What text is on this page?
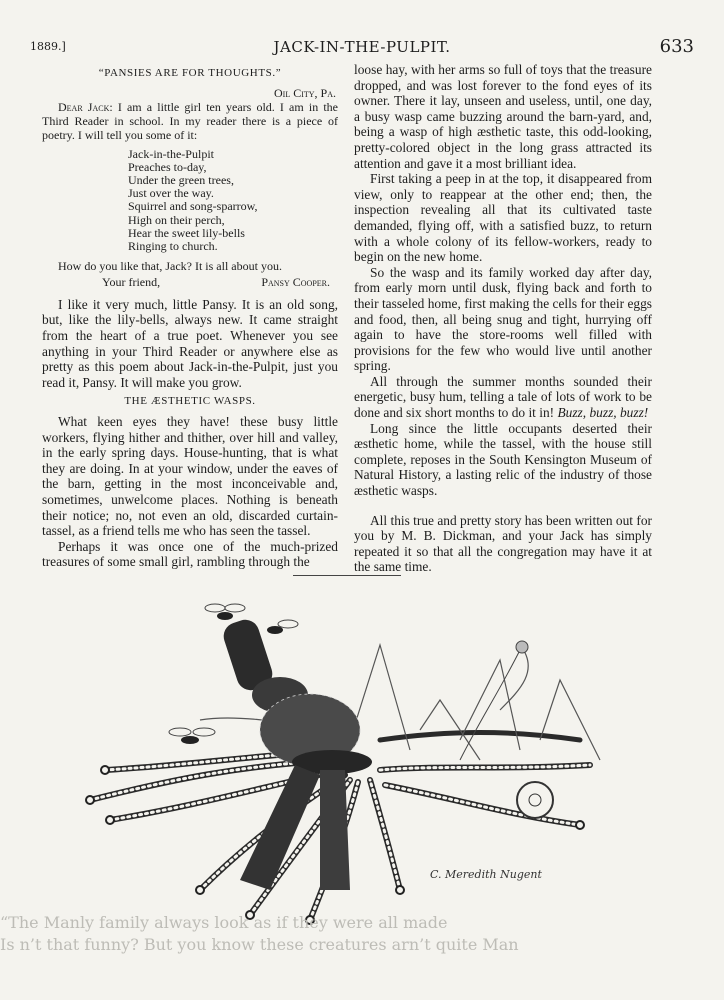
1889.]	JACK-IN-THE-PULPIT.	633
“PANSIES ARE FOR THOUGHTS.”

Oil City, Pa.

Dear Jack: I am a little girl ten years old. I am in the Third Reader in school. In my reader there is a piece of poetry. I will tell you some of it:

Jack-in-the-Pulpit
Preaches to-day,
Under the green trees,
Just over the way.
Squirrel and song-sparrow,
High on their perch,
Hear the sweet lily-bells
Ringing to church.

How do you like that, Jack? It is all about you.

Your friend,	Pansy Cooper.

I like it very much, little Pansy. It is an old song, but, like the lily-bells, always new. It came straight from the heart of a true poet. Whenever you see anything in your Third Reader or anywhere else as pretty as this poem about Jack-in-the-Pulpit, just you read it, Pansy. It will make you grow.

THE ÆSTHETIC WASPS.

What keen eyes they have! these busy little workers, flying hither and thither, over hill and valley, in the early spring days. House-hunting, that is what they are doing. In at your window, under the eaves of the barn, getting in the most inconceivable and, sometimes, unwelcome places. Nothing is beneath their notice; no, not even an old, discarded curtain-tassel, as a friend tells me who has seen the tassel.

Perhaps it was once one of the much-prized treasures of some small girl, rambling through the

loose hay, with her arms so full of toys that the treasure dropped, and was lost forever to the fond eyes of its owner. There it lay, unseen and useless, until, one day, a busy wasp came buzzing around the barn-yard, and, being a wasp of high æsthetic taste, this odd-looking, pretty-colored object in the long grass attracted its attention and gave it a most brilliant idea.

First taking a peep in at the top, it disappeared from view, only to reappear at the other end; then, the inspection revealing all that its cultivated taste demanded, flying off, with a satisfied buzz, to return with a whole colony of its fellow-workers, ready to begin on the new home.

So the wasp and its family worked day after day, from early morn until dusk, flying back and forth to their tasseled home, first making the cells for their eggs and food, then, all being snug and tight, hurrying off again to have the store-rooms well filled with provisions for the few who would live until another spring.

All through the summer months sounded their energetic, busy hum, telling a tale of lots of work to be done and six short months to do it in! Buzz, buzz, buzz!

Long since the little occupants deserted their æsthetic home, while the tassel, with the house still complete, reposes in the South Kensington Museum of Natural History, a lasting relic of the industry of those æsthetic wasps.

All this true and pretty story has been written out for you by M. B. Dickman, and your Jack has simply repeated it so that all the congregation may have it at the same time.

C. Meredith Nugent
“The Manly family always look as if they were all made
Is n’t that funny? But you know these creatures arn’t quite Man
